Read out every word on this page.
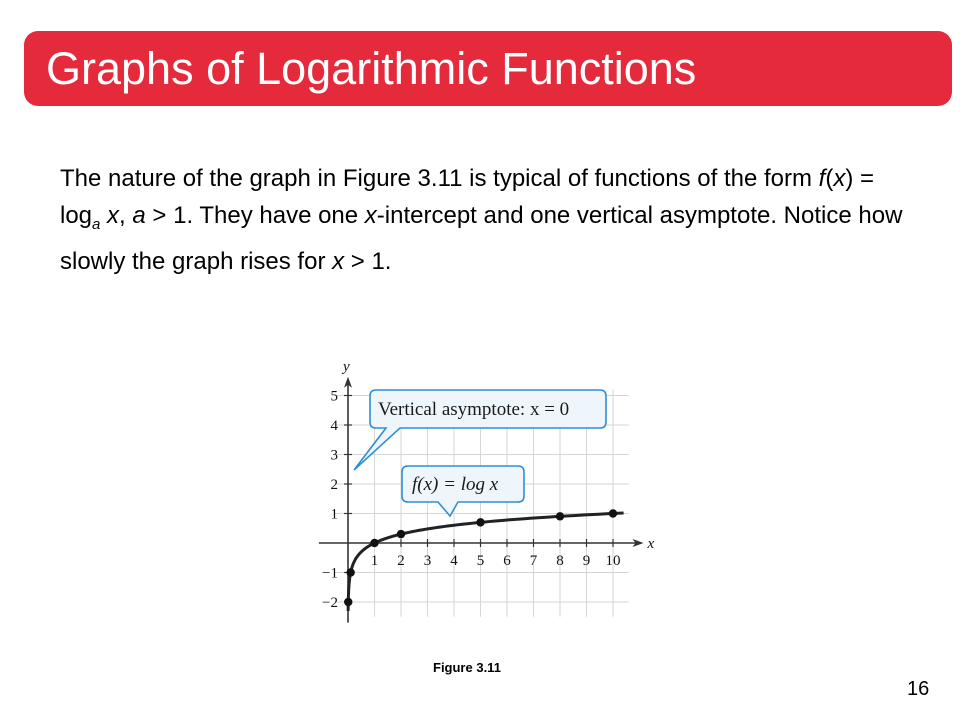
Graphs of Logarithmic Functions
The nature of the graph in Figure 3.11 is typical of functions of the form $f(x) = \log_a x$, a > 1. They have one x-intercept and one vertical asymptote. Notice how slowly the graph rises for x > 1.
x
y
1 2 3 4 5 6 7 8 9 10
−2
−1
1
2
3
4
5
Vertical asymptote: x = 0
f(x) = log x
Figure 3.11
16
